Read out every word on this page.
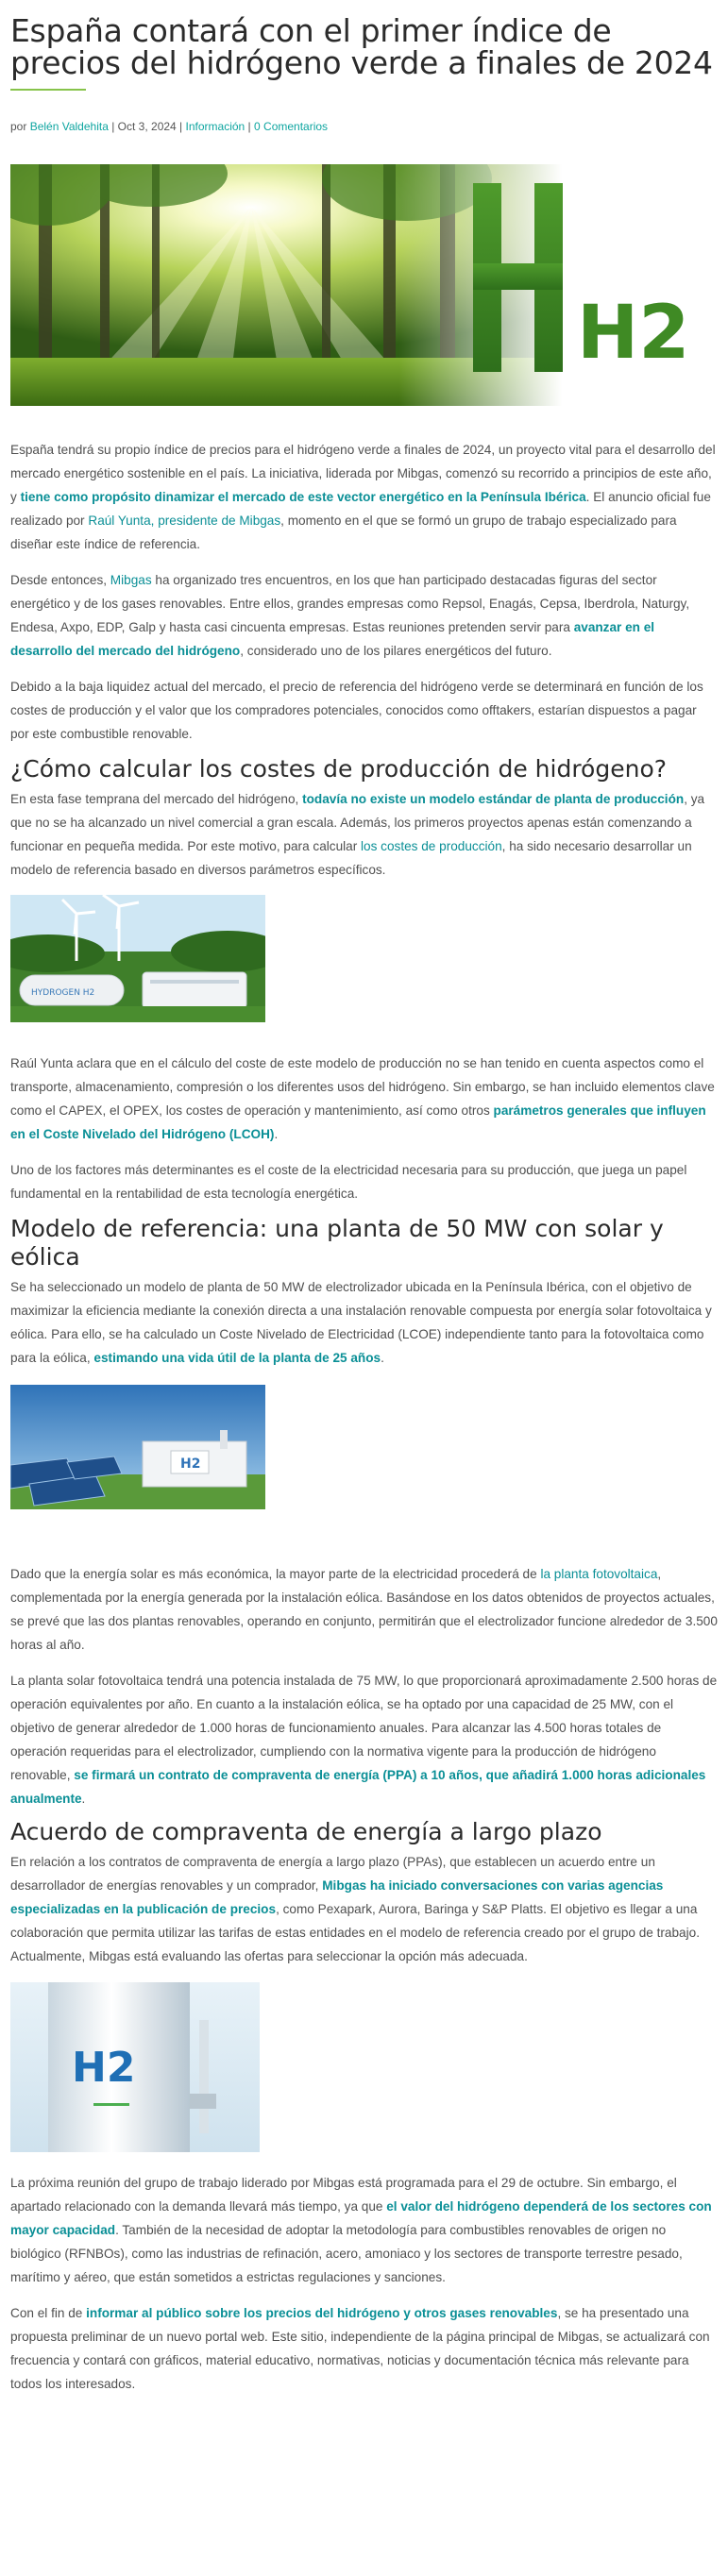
España contará con el primer índice de precios del hidrógeno verde a finales de 2024
por Belén Valdehita | Oct 3, 2024 | Información | 0 Comentarios
H2

España tendrá su propio índice de precios para el hidrógeno verde a finales de 2024, un proyecto vital para el desarrollo del mercado energético sostenible en el país. La iniciativa, liderada por Mibgas, comenzó su recorrido a principios de este año, y tiene como propósito dinamizar el mercado de este vector energético en la Península Ibérica. El anuncio oficial fue realizado por Raúl Yunta, presidente de Mibgas, momento en el que se formó un grupo de trabajo especializado para diseñar este índice de referencia.

Desde entonces, Mibgas ha organizado tres encuentros, en los que han participado destacadas figuras del sector energético y de los gases renovables. Entre ellos, grandes empresas como Repsol, Enagás, Cepsa, Iberdrola, Naturgy, Endesa, Axpo, EDP, Galp y hasta casi cincuenta empresas. Estas reuniones pretenden servir para avanzar en el desarrollo del mercado del hidrógeno, considerado uno de los pilares energéticos del futuro.

Debido a la baja liquidez actual del mercado, el precio de referencia del hidrógeno verde se determinará en función de los costes de producción y el valor que los compradores potenciales, conocidos como offtakers, estarían dispuestos a pagar por este combustible renovable.

¿Cómo calcular los costes de producción de hidrógeno?

En esta fase temprana del mercado del hidrógeno, todavía no existe un modelo estándar de planta de producción, ya que no se ha alcanzado un nivel comercial a gran escala. Además, los primeros proyectos apenas están comenzando a funcionar en pequeña medida. Por este motivo, para calcular los costes de producción, ha sido necesario desarrollar un modelo de referencia basado en diversos parámetros específicos.

HYDROGEN H2

Raúl Yunta aclara que en el cálculo del coste de este modelo de producción no se han tenido en cuenta aspectos como el transporte, almacenamiento, compresión o los diferentes usos del hidrógeno. Sin embargo, se han incluido elementos clave como el CAPEX, el OPEX, los costes de operación y mantenimiento, así como otros parámetros generales que influyen en el Coste Nivelado del Hidrógeno (LCOH).

Uno de los factores más determinantes es el coste de la electricidad necesaria para su producción, que juega un papel fundamental en la rentabilidad de esta tecnología energética.

Modelo de referencia: una planta de 50 MW con solar y eólica

Se ha seleccionado un modelo de planta de 50 MW de electrolizador ubicada en la Península Ibérica, con el objetivo de maximizar la eficiencia mediante la conexión directa a una instalación renovable compuesta por energía solar fotovoltaica y eólica. Para ello, se ha calculado un Coste Nivelado de Electricidad (LCOE) independiente tanto para la fotovoltaica como para la eólica, estimando una vida útil de la planta de 25 años.

H2

Dado que la energía solar es más económica, la mayor parte de la electricidad procederá de la planta fotovoltaica, complementada por la energía generada por la instalación eólica. Basándose en los datos obtenidos de proyectos actuales, se prevé que las dos plantas renovables, operando en conjunto, permitirán que el electrolizador funcione alrededor de 3.500 horas al año.

La planta solar fotovoltaica tendrá una potencia instalada de 75 MW, lo que proporcionará aproximadamente 2.500 horas de operación equivalentes por año. En cuanto a la instalación eólica, se ha optado por una capacidad de 25 MW, con el objetivo de generar alrededor de 1.000 horas de funcionamiento anuales. Para alcanzar las 4.500 horas totales de operación requeridas para el electrolizador, cumpliendo con la normativa vigente para la producción de hidrógeno renovable, se firmará un contrato de compraventa de energía (PPA) a 10 años, que añadirá 1.000 horas adicionales anualmente.

Acuerdo de compraventa de energía a largo plazo

En relación a los contratos de compraventa de energía a largo plazo (PPAs), que establecen un acuerdo entre un desarrollador de energías renovables y un comprador, Mibgas ha iniciado conversaciones con varias agencias especializadas en la publicación de precios, como Pexapark, Aurora, Baringa y S&P Platts. El objetivo es llegar a una colaboración que permita utilizar las tarifas de estas entidades en el modelo de referencia creado por el grupo de trabajo. Actualmente, Mibgas está evaluando las ofertas para seleccionar la opción más adecuada.

H2

La próxima reunión del grupo de trabajo liderado por Mibgas está programada para el 29 de octubre. Sin embargo, el apartado relacionado con la demanda llevará más tiempo, ya que el valor del hidrógeno dependerá de los sectores con mayor capacidad. También de la necesidad de adoptar la metodología para combustibles renovables de origen no biológico (RFNBOs), como las industrias de refinación, acero, amoniaco y los sectores de transporte terrestre pesado, marítimo y aéreo, que están sometidos a estrictas regulaciones y sanciones.

Con el fin de informar al público sobre los precios del hidrógeno y otros gases renovables, se ha presentado una propuesta preliminar de un nuevo portal web. Este sitio, independiente de la página principal de Mibgas, se actualizará con frecuencia y contará con gráficos, material educativo, normativas, noticias y documentación técnica más relevante para todos los interesados.
